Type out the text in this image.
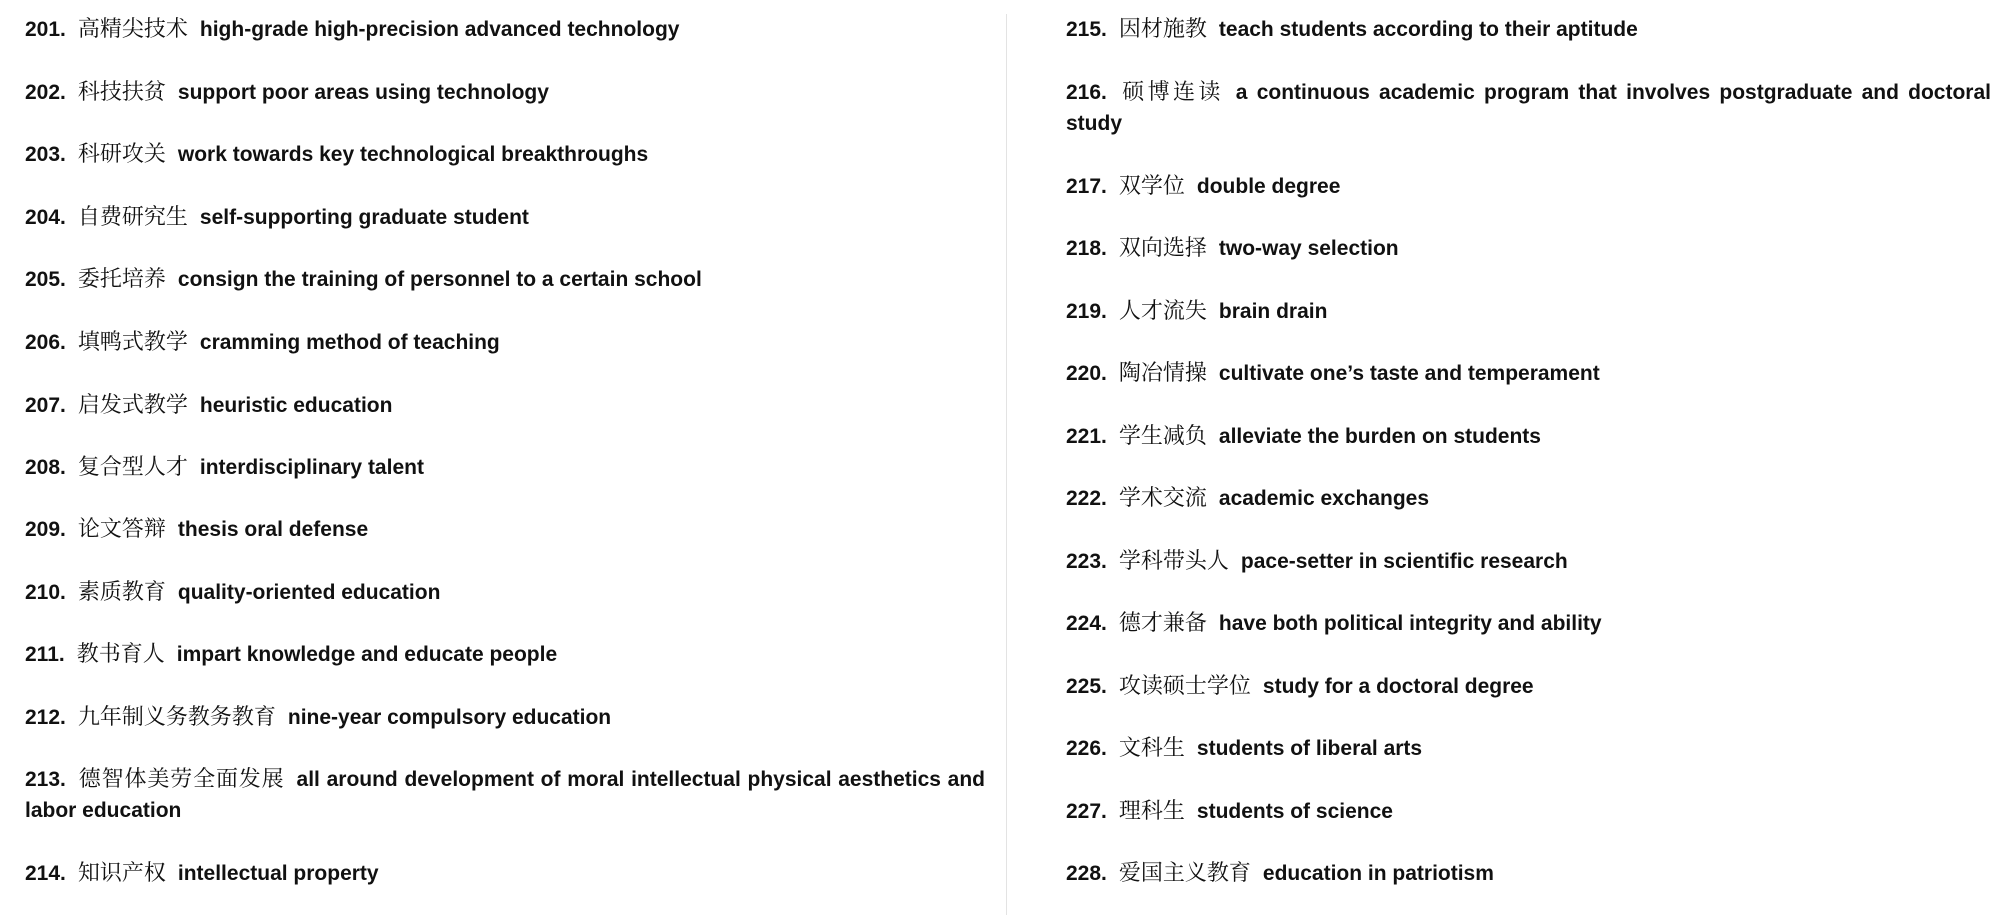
201. 高精尖技术 high-grade high-precision advanced technology
202. 科技扶贫 support poor areas using technology
203. 科研攻关 work towards key technological breakthroughs
204. 自费研究生 self-supporting graduate student
205. 委托培养 consign the training of personnel to a certain school
206. 填鸭式教学 cramming method of teaching
207. 启发式教学 heuristic education
208. 复合型人才 interdisciplinary talent
209. 论文答辩 thesis oral defense
210. 素质教育 quality-oriented education
211. 教书育人 impart knowledge and educate people
212. 九年制义务教务教育 nine-year compulsory education
213. 德智体美劳全面发展 all around development of moral intellectual physical aesthetics and labor education
214. 知识产权 intellectual property
215. 因材施教 teach students according to their aptitude
216. 硕博连读 a continuous academic program that involves postgraduate and doctoral study
217. 双学位 double degree
218. 双向选择 two-way selection
219. 人才流失 brain drain
220. 陶冶情操 cultivate one’s taste and temperament
221. 学生减负 alleviate the burden on students
222. 学术交流 academic exchanges
223. 学科带头人 pace-setter in scientific research
224. 德才兼备 have both political integrity and ability
225. 攻读硕士学位 study for a doctoral degree
226. 文科生 students of liberal arts
227. 理科生 students of science
228. 爱国主义教育 education in patriotism
